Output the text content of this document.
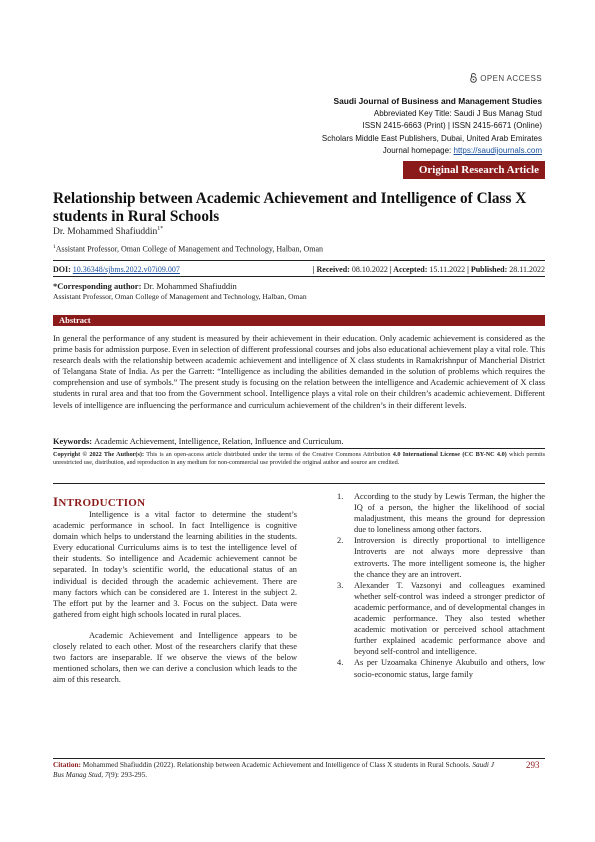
OPEN ACCESS
Saudi Journal of Business and Management Studies
Abbreviated Key Title: Saudi J Bus Manag Stud
ISSN 2415-6663 (Print) | ISSN 2415-6671 (Online)
Scholars Middle East Publishers, Dubai, United Arab Emirates
Journal homepage: https://saudijournals.com
Original Research Article
Relationship between Academic Achievement and Intelligence of Class X students in Rural Schools
Dr. Mohammed Shafiuddin$^{1*}$
$^1$Assistant Professor, Oman College of Management and Technology, Halban, Oman
DOI: 10.36348/sjbms.2022.v07i09.007	| Received: 08.10.2022 | Accepted: 15.11.2022 | Published: 28.11.2022
*Corresponding author: Dr. Mohammed Shafiuddin
Assistant Professor, Oman College of Management and Technology, Halban, Oman
Abstract
In general the performance of any student is measured by their achievement in their education. Only academic achievement is considered as the prime basis for admission purpose. Even in selection of different professional courses and jobs also educational achievement play a vital role. This research deals with the relationship between academic achievement and intelligence of X class students in Ramakrishnpur of Mancherial District of Telangana State of India. As per the Garrett: “Intelligence as including the abilities demanded in the solution of problems which requires the comprehension and use of symbols.” The present study is focusing on the relation between the intelligence and Academic achievement of X class students in rural area and that too from the Government school. Intelligence plays a vital role on their children’s academic achievement. Different levels of intelligence are influencing the performance and curriculum achievement of the children’s in their different levels.
Keywords: Academic Achievement, Intelligence, Relation, Influence and Curriculum.
Copyright © 2022 The Author(s): This is an open-access article distributed under the terms of the Creative Commons Attribution 4.0 International License (CC BY-NC 4.0) which permits unrestricted use, distribution, and reproduction in any medium for non-commercial use provided the original author and source are credited.
INTRODUCTION

Intelligence is a vital factor to determine the student’s academic performance in school. In fact Intelligence is cognitive domain which helps to understand the learning abilities in the students. Every educational Curriculums aims is to test the intelligence level of their students. So intelligence and Academic achievement cannot be separated. In today’s scientific world, the educational status of an individual is decided through the academic achievement. There are many factors which can be considered are 1. Interest in the subject 2. The effort put by the learner and 3. Focus on the subject. Data were gathered from eight high schools located in rural places.

Academic Achievement and Intelligence appears to be closely related to each other. Most of the researchers clarify that these two factors are inseparable. If we observe the views of the below mentioned scholars, then we can derive a conclusion which leads to the aim of this research.

1. According to the study by Lewis Terman, the higher the IQ of a person, the higher the likelihood of social maladjustment, this means the ground for depression due to loneliness among other factors.
2. Introversion is directly proportional to intelligence Introverts are not always more depressive than extroverts. The more intelligent someone is, the higher the chance they are an introvert.
3. Alexander T. Vazsonyi and colleagues examined whether self-control was indeed a stronger predictor of academic performance, and of developmental changes in academic performance. They also tested whether academic motivation or perceived school attachment further explained academic performance above and beyond self-control and intelligence.
4. As per Uzoamaka Chinenye Akubuilo and others, low socio-economic status, large family
Citation: Mohammed Shafiuddin (2022). Relationship between Academic Achievement and Intelligence of Class X students in Rural Schools. Saudi J Bus Manag Stud, 7(9): 293-295.
293
